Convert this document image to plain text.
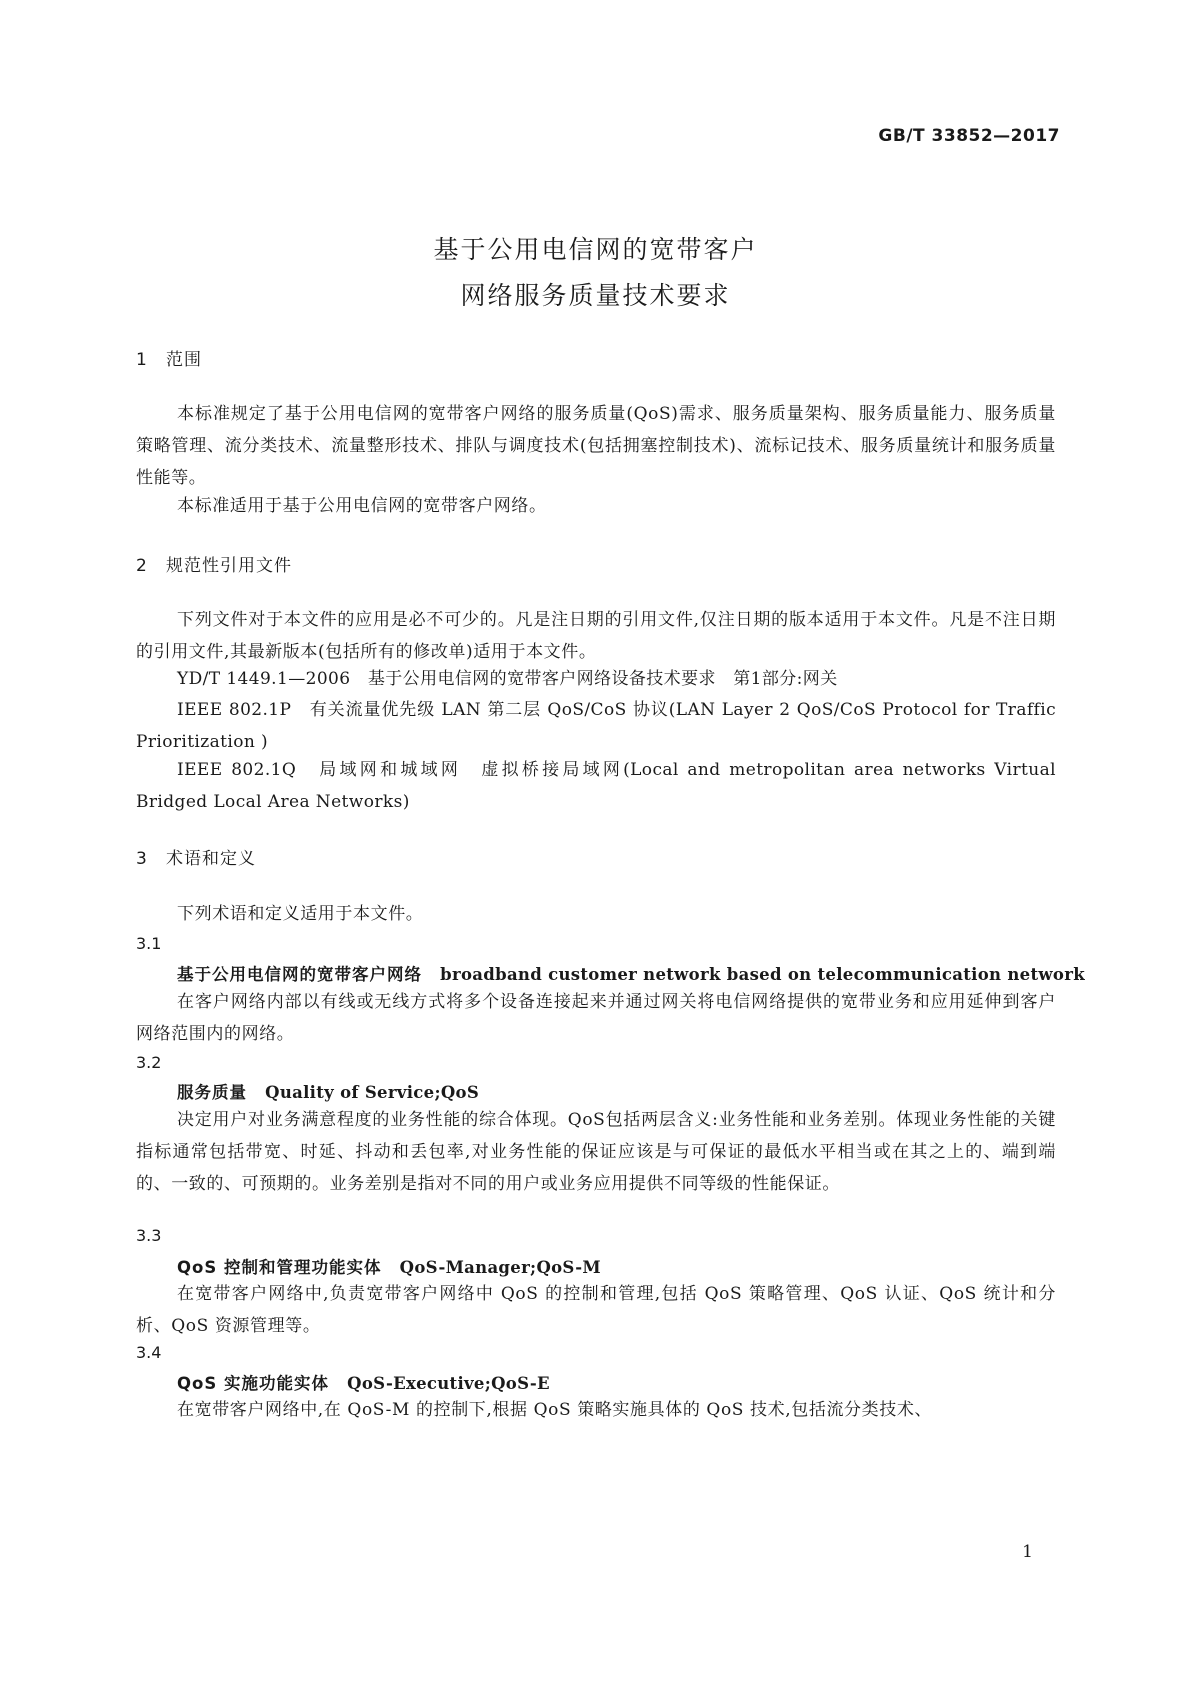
GB/T 33852—2017
基于公用电信网的宽带客户
网络服务质量技术要求
1 范围
本标准规定了基于公用电信网的宽带客户网络的服务质量(QoS)需求、服务质量架构、服务质量能力、服务质量策略管理、流分类技术、流量整形技术、排队与调度技术(包括拥塞控制技术)、流标记技术、服务质量统计和服务质量性能等。
本标准适用于基于公用电信网的宽带客户网络。
2 规范性引用文件
下列文件对于本文件的应用是必不可少的。凡是注日期的引用文件,仅注日期的版本适用于本文件。凡是不注日期的引用文件,其最新版本(包括所有的修改单)适用于本文件。
YD/T 1449.1—2006　基于公用电信网的宽带客户网络设备技术要求　第1部分:网关
IEEE 802.1P　有关流量优先级 LAN 第二层 QoS/CoS 协议(LAN Layer 2 QoS/CoS Protocol for Traffic Prioritization )
IEEE 802.1Q　局域网和城域网　虚拟桥接局域网(Local and metropolitan area networks Virtual Bridged Local Area Networks)
3 术语和定义
下列术语和定义适用于本文件。
3.1
基于公用电信网的宽带客户网络 broadband customer network based on telecommunication network
在客户网络内部以有线或无线方式将多个设备连接起来并通过网关将电信网络提供的宽带业务和应用延伸到客户网络范围内的网络。
3.2
服务质量 Quality of Service;QoS
决定用户对业务满意程度的业务性能的综合体现。QoS包括两层含义:业务性能和业务差别。体现业务性能的关键指标通常包括带宽、时延、抖动和丢包率,对业务性能的保证应该是与可保证的最低水平相当或在其之上的、端到端的、一致的、可预期的。业务差别是指对不同的用户或业务应用提供不同等级的性能保证。
3.3
QoS 控制和管理功能实体 QoS-Manager;QoS-M
在宽带客户网络中,负责宽带客户网络中 QoS 的控制和管理,包括 QoS 策略管理、QoS 认证、QoS 统计和分析、QoS 资源管理等。
3.4
QoS 实施功能实体 QoS-Executive;QoS-E
在宽带客户网络中,在 QoS-M 的控制下,根据 QoS 策略实施具体的 QoS 技术,包括流分类技术、
1
